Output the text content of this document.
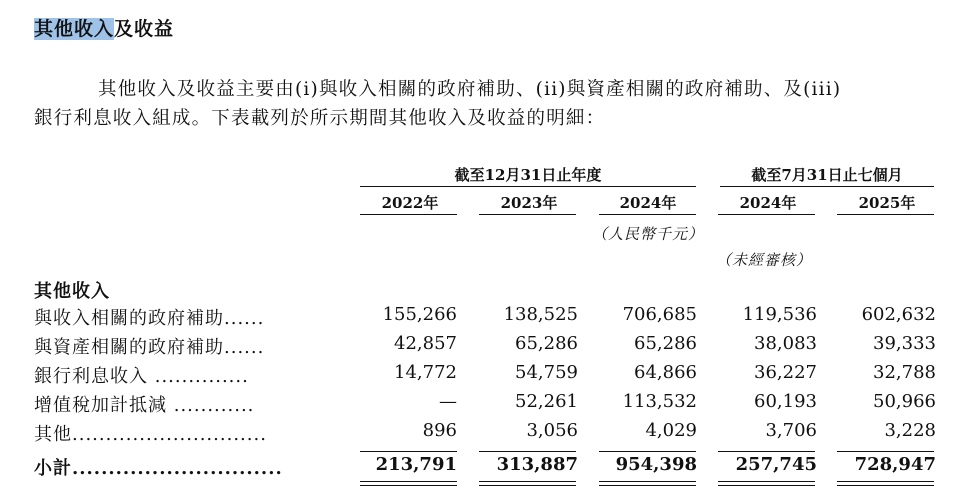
其他收入及收益
其他收入及收益主要由(i)與收入相關的政府補助、(ii)與資產相關的政府補助、及(iii)
銀行利息收入組成。下表載列於所示期間其他收入及收益的明細：
截至12月31日止年度	截至7月31日止七個月
2022年	2023年	2024年	2024年	2025年
（人民幣千元）
（未經審核）
其他收入
與收入相關的政府補助......	155,266	138,525	706,685	119,536	602,632
與資產相關的政府補助......	42,857	65,286	65,286	38,083	39,333
銀行利息收入 ..............	14,772	54,759	64,866	36,227	32,788
增值稅加計抵減 ............	—	52,261	113,532	60,193	50,966
其他.............................	896	3,056	4,029	3,706	3,228
小計.............................	213,791	313,887	954,398	257,745	728,947
